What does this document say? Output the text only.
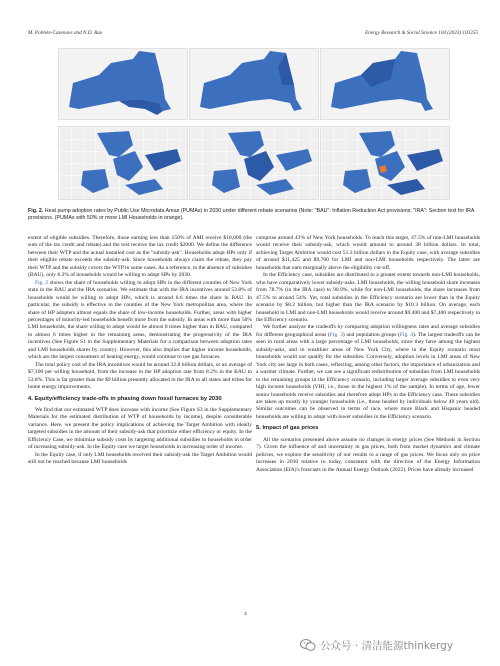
M. Poblete-Cazenave and N.D. Rao	Energy Research & Social Science 104 (2023) 103255
Fig. 2. Heat pump adoption rates by Public Use Microdata Areas (PUMAs) in 2030 under different rebate scenarios (Note: "BAU": Inflation Reduction Act provisions; "IRA": Section text for IRA provisions. (PUMAs with 50% or more LMI Households in orange).

extent of eligible subsidies. Therefore, those earning less than 150% of AMI receive $10,000 (the sum of the tax credit and rebate) and the rest receive the tax credit $2000. We define the difference between their WTP and the actual installed cost as the "subsidy-ask". Households adopt HPs only if their eligible rebate exceeds the subsidy-ask. Since households always claim the rebate, they pay their WTP and the subsidy covers the WTP in some cases. As a reference, in the absence of subsidies (BAU), only 8.2% of households would be willing to adopt HPs by 2030.

Fig. 2 shows the share of households willing to adopt HPs in the different counties of New York state in the BAU and the IRA scenarios. We estimate that with the IRA incentives around 53.8% of households would be willing to adopt HPs, which is around 6.6 times the share in BAU. In particular, the subsidy is effective in the counties of the New York metropolitan area, where the share of HP adopters almost equals the share of low-income households. Further, areas with higher percentages of minority-led households benefit more from the subsidy. In areas with more than 50% LMI households, the share willing to adopt would be almost 8 times higher than in BAU, compared to almost 6 times higher in the remaining areas, demonstrating the progressivity of the IRA incentives (See Figure S1 in the Supplementary Materials for a comparison between adoption rates and LMI households shares by county). However, this also implies that higher income households, which are the largest consumers of heating energy, would continue to use gas furnaces.

The total policy cost of the IRA incentives would be around 32.8 billion dollars, or an average of $7,100 per willing household, from the increase in the HP adoption rate from 8.2% in the BAU to 53.8%. This is far greater than the $9 billion presently allocated in the IRA to all states and tribes for home energy improvements.

4. Equity/efficiency trade-offs in phasing down fossil furnaces by 2030

We find that our estimated WTP does increase with income (See Figure S3 in the Supplementary Materials for the estimated distribution of WTP of households by income), despite considerable variance. Here, we present the policy implications of achieving the Target Ambition with ideally targeted subsidies in the amount of their subsidy-ask that prioritize either efficiency or equity. In the Efficiency Case, we minimize subsidy costs by targeting additional subsidies to households in order of increasing subsidy-ask. In the Equity case we target households in increasing order of income.

In the Equity case, if only LMI households received their subsidy-ask the Target Ambition would still not be reached because LMI households

comprise around 43% of New York households. To reach this target, 47.5% of non-LMI households would receive their subsidy-ask, which would amount to around 38 billion dollars. In total, achieving Target Ambition would cost 51.3 billion dollars in the Equity case, with average subsidies of around $11,425 and $9,700 for LMI and non-LMI households respectively. The latter are households that earn marginally above the eligibility cut-off.

In the Efficiency case, subsidies are distributed to a greater extent towards non-LMI households, who have comparatively lower subsidy-asks. LMI households, the willing household share increases from 78.7% (in the IRA case) to 90.9%, while for non-LMI households, the share increases from 47.5% to around 54%. Yet, total subsidies in the Efficiency scenario are lower than in the Equity scenario by $8.2 billion, but higher than the IRA scenario by $10.3 billion. On average, each household in LMI and non-LMI households would receive around $9,400 and $7,400 respectively in the Efficiency scenario.

We further analyze the tradeoffs by comparing adoption willingness rates and average subsidies for different geographical areas (Fig. 3) and population groups (Fig. 4). The largest tradeoffs can be seen in rural areas with a large percentage of LMI households, since they have among the highest subsidy-asks, and in wealthier areas of New York City, where in the Equity scenario most households would not qualify for the subsidies. Conversely, adoption levels in LMI areas of New York city are large in both cases, reflecting, among other factors, the importance of urbanization and a warmer climate. Further, we can see a significant redistribution of subsidies from LMI households to the remaining groups in the Efficiency scenario, including larger average subsidies to even very high income households (VHI, i.e., those in the highest 1% of the sample). In terms of age, fewer senior households receive subsidies and therefore adopt HPs in the Efficiency case. These subsidies are taken up mostly by younger households (i.e., those headed by individuals below 40 years old). Similar outcomes can be observed in terms of race, where more Black and Hispanic headed households are willing to adopt with lower subsidies in the Efficiency scenario.

5. Impact of gas prices

All the scenarios presented above assume no changes in energy prices (See Methods in Section 7). Given the influence of and uncertainty in gas prices, both from market dynamics and climate policies, we explore the sensitivity of our results to a range of gas prices. We focus only on price increases in 2030 relative to today, consistent with the direction of the Energy Information Association (EIA)'s forecasts in the Annual Energy Outlook (2022). Prices have already increased

4
公众号 · 清洁能源thinkergy
